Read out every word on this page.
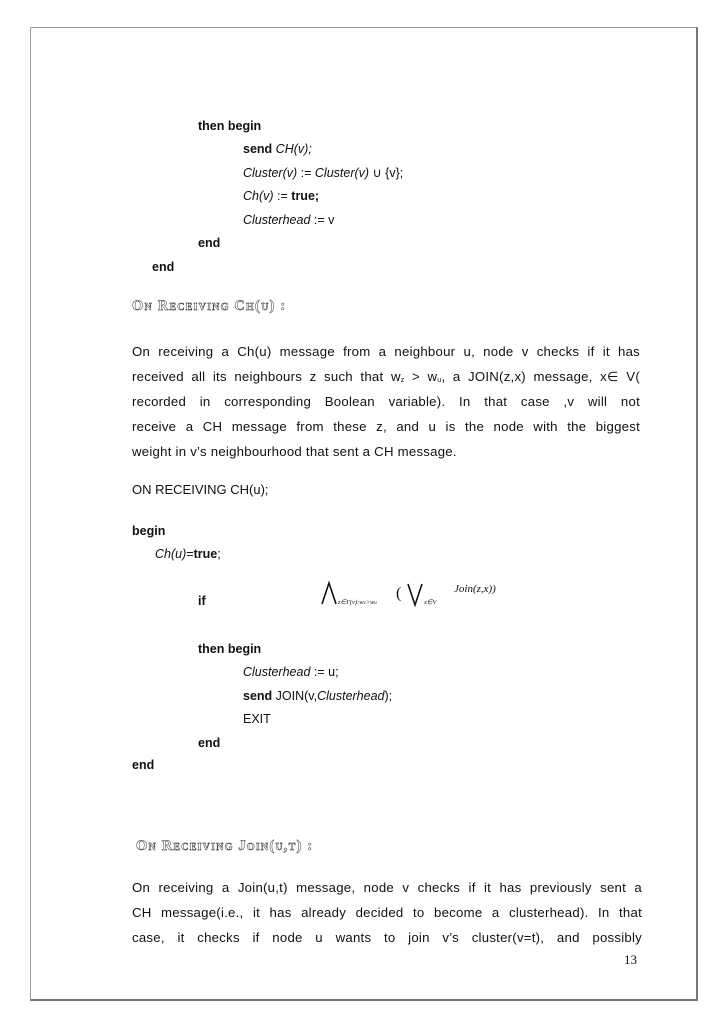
then begin
send CH(v);
Cluster(v) := Cluster(v) ∪ {v};
Ch(v) := true;
Clusterhead := v
end
end
On Receiving Ch(u) :
On receiving a Ch(u) message from a neighbour u, node v checks if it has
received all its neighbours z such that $w_z > w_u$, a JOIN(z,x) message, x∈ V(
recorded in corresponding Boolean variable). In that case ,v will not
receive a CH message from these z, and u is the node with the biggest
weight in v’s neighbourhood that sent a CH message.
ON RECEIVING CH(u);
begin
Ch(u)=true;
if	(
z∈Γ(v):wz>wu	x∈V
Join(z,x))
then begin
Clusterhead := u;
send JOIN(v,Clusterhead);
EXIT
end
end
On Receiving Join(u,t) :
On receiving a Join(u,t) message, node v checks if it has previously sent a
CH message(i.e., it has already decided to become a clusterhead). In that
case, it checks if node u wants to join v’s cluster(v=t), and possibly
13
